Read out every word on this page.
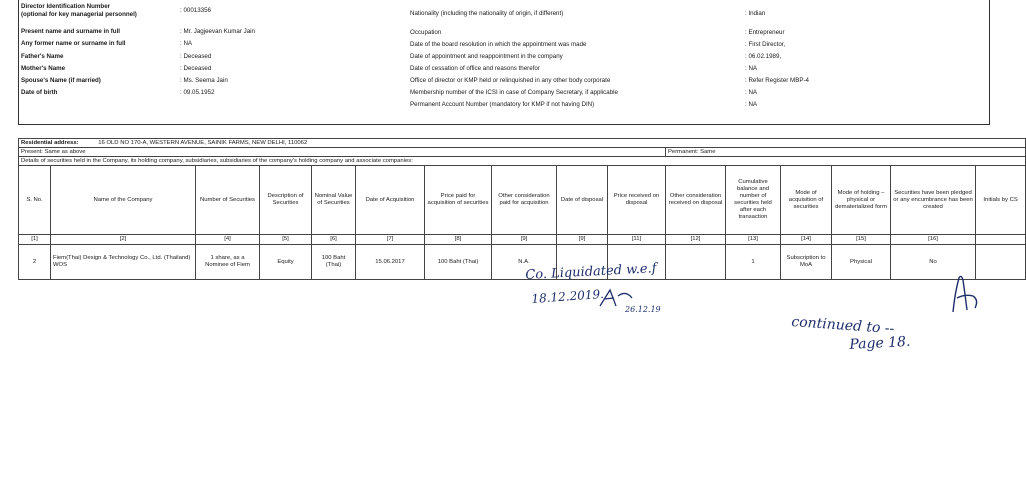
Director Identification Number
(optional for key managerial personnel)
: 00013356
Present name and surname in full	: Mr. Jagjeevan Kumar Jain
Any former name or surname in full	: NA
Father's Name	: Deceased
Mother's Name	: Deceased
Spouse's Name (if married)	: Ms. Seema Jain
Date of birth	: 09.05.1952
Nationality (including the nationality of origin, if different)	: Indian
Occupation	: Entrepreneur
Date of the board resolution in which the appointment was made	: First Director,
Date of appointment and reappointment in the company	: 06.02.1989,
Date of cessation of office and reasons therefor	: NA
Office of director or KMP held or relinquished in any other body corporate	: Refer Register MBP-4
Membership number of the ICSI in case of Company Secretary, if applicable	: NA
Permanent Account Number (mandatory for KMP if not having DIN)	: NA
Residential address: 16 OLD NO 170-A, WESTERN AVENUE, SAINIK FARMS, NEW DELHI, 110062															
Present: Same as above										Permanent: Same					
Details of securities held in the Company, its holding company, subsidiaries, subsidiaries of the company's holding company and associate companies:															
S. No.	Name of the Company	Number of Securities	Description of Securities	Nominal Value of Securities	Date of Acquisition	Price paid for acquisition of securities	Other consideration paid for acquisition	Date of disposal	Price received on disposal	Other consideration received on disposal	Cumulative balance and number of securities held after each transaction	Mode of acquisition of securities	Mode of holding – physical or dematerialized form	Securities have been pledged or any encumbrance has been created	Initials by CS
[1]	[2]	[4]	[5]	[6]	[7]	[8]	[9]	[9]	[11]	[12]	[13]	[14]	[15]	[16]	
2	Fiem(Thai) Design & Technology Co., Ltd. (Thailand) WOS	1 share, as a Nominee of Fiem	Equity	100 Baht (Thai)	15.06.2017	100 Baht (Thai)	N.A.				1	Subscription to MoA	Physical	No	
Co. Liquidated w.e.f
18.12.2019.
26.12.19
continued to --
Page 18.
